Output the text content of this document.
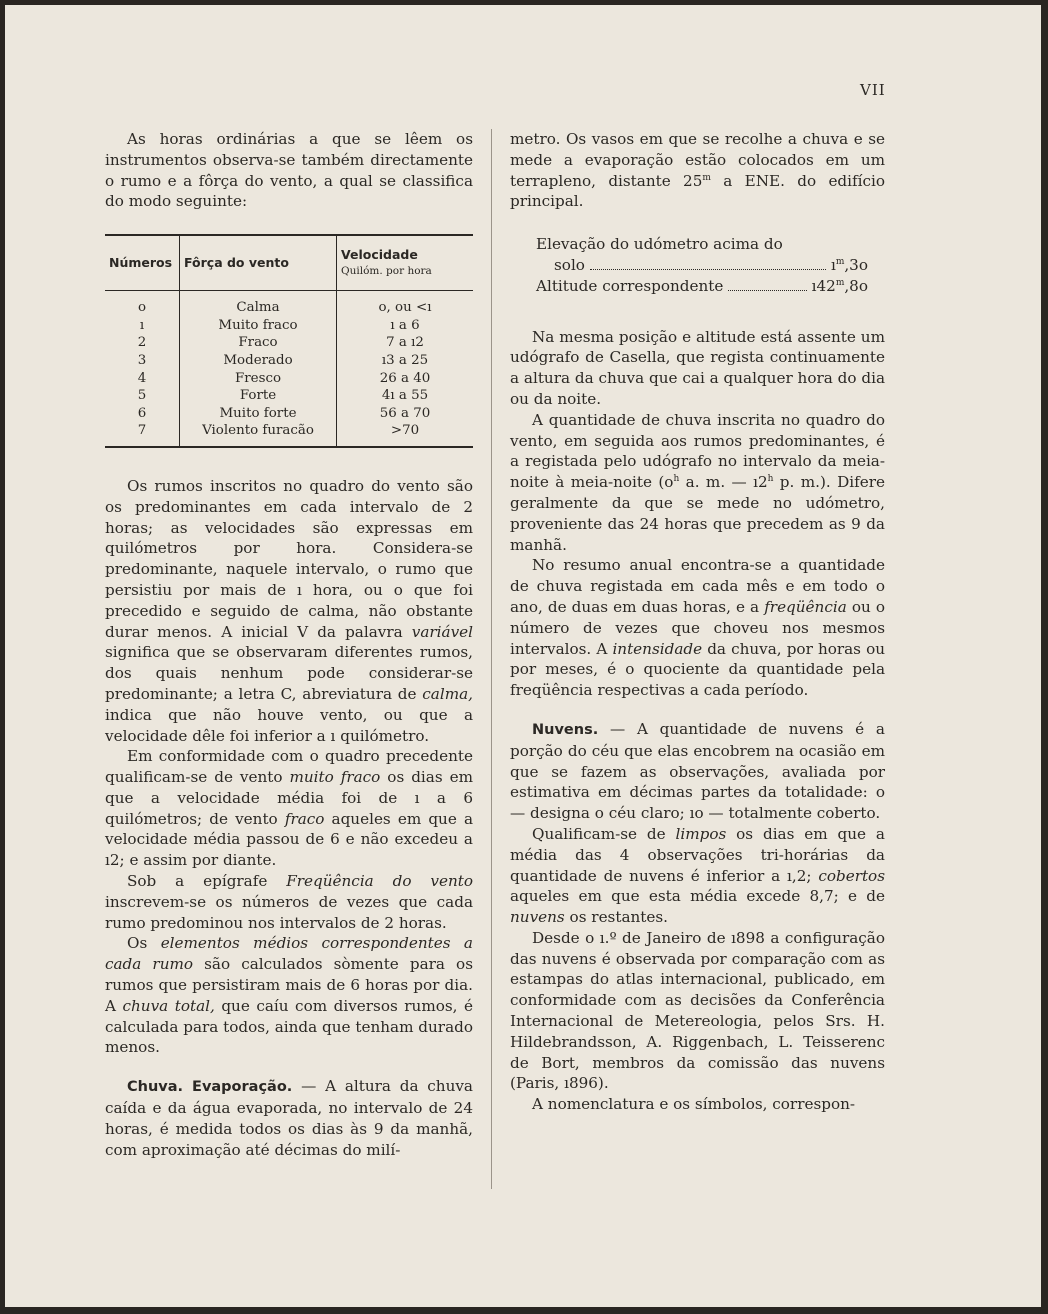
VII

As horas ordinárias a que se lêem os instrumentos observa-se também directamente o rumo e a fôrça do vento, a qual se classifica do modo seguinte:

Números	Fôrça do vento	Velocidade
Quilóm. por hora

o	Calma	o, ou <ı
ı	Muito fraco	ı a 6
2	Fraco	7 a ı2
3	Moderado	ı3 a 25
4	Fresco	26 a 40
5	Forte	4ı a 55
6	Muito forte	56 a 70
7	Violento furacão	>70

Os rumos inscritos no quadro do vento são os predominantes em cada intervalo de 2 horas; as velocidades são expressas em quilómetros por hora. Considera-se predominante, naquele intervalo, o rumo que persistiu por mais de ı hora, ou o que foi precedido e seguido de calma, não obstante durar menos. A inicial V da palavra variável significa que se observaram diferentes rumos, dos quais nenhum pode considerar-se predominante; a letra C, abreviatura de calma, indica que não houve vento, ou que a velocidade dêle foi inferior a ı quilómetro.

Em conformidade com o quadro precedente qualificam-se de vento muito fraco os dias em que a velocidade média foi de ı a 6 quilómetros; de vento fraco aqueles em que a velocidade média passou de 6 e não excedeu a ı2; e assim por diante.

Sob a epígrafe Freqüência do vento inscrevem-se os números de vezes que cada rumo predominou nos intervalos de 2 horas.

Os elementos médios correspondentes a cada rumo são calculados sòmente para os rumos que persistiram mais de 6 horas por dia. A chuva total, que caíu com diversos rumos, é calculada para todos, ainda que tenham durado menos.

Chuva. Evaporação. — A altura da chuva caída e da água evaporada, no intervalo de 24 horas, é medida todos os dias às 9 da manhã, com aproximação até décimas do milí-

metro. Os vasos em que se recolhe a chuva e se mede a evaporação estão colocados em um terrapleno, distante 25$^m$ a ENE. do edifício principal.

Elevação do udómetro acima do
solo	$ı^m,3o$
Altitude correspondente	ı42$^m$,8o

Na mesma posição e altitude está assente um udógrafo de Casella, que regista continuamente a altura da chuva que cai a qualquer hora do dia ou da noite.

A quantidade de chuva inscrita no quadro do vento, em seguida aos rumos predominantes, é a registada pelo udógrafo no intervalo da meia-noite à meia-noite ($o^h$ a. m. — ı2$^h$ p. m.). Difere geralmente da que se mede no udómetro, proveniente das 24 horas que precedem as 9 da manhã.

No resumo anual encontra-se a quantidade de chuva registada em cada mês e em todo o ano, de duas em duas horas, e a freqüência ou o número de vezes que choveu nos mesmos intervalos. A intensidade da chuva, por horas ou por meses, é o quociente da quantidade pela freqüência respectivas a cada período.

Nuvens. — A quantidade de nuvens é a porção do céu que elas encobrem na ocasião em que se fazem as observações, avaliada por estimativa em décimas partes da totalidade: o — designa o céu claro; ıo — totalmente coberto.

Qualificam-se de limpos os dias em que a média das 4 observações tri-horárias da quantidade de nuvens é inferior a ı,2; cobertos aqueles em que esta média excede 8,7; e de nuvens os restantes.

Desde o ı.º de Janeiro de ı898 a configuração das nuvens é observada por comparação com as estampas do atlas internacional, publicado, em conformidade com as decisões da Conferência Internacional de Metereologia, pelos Srs. H. Hildebrandsson, A. Riggenbach, L. Teisserenc de Bort, membros da comissão das nuvens (Paris, ı896).

A nomenclatura e os símbolos, correspon-
